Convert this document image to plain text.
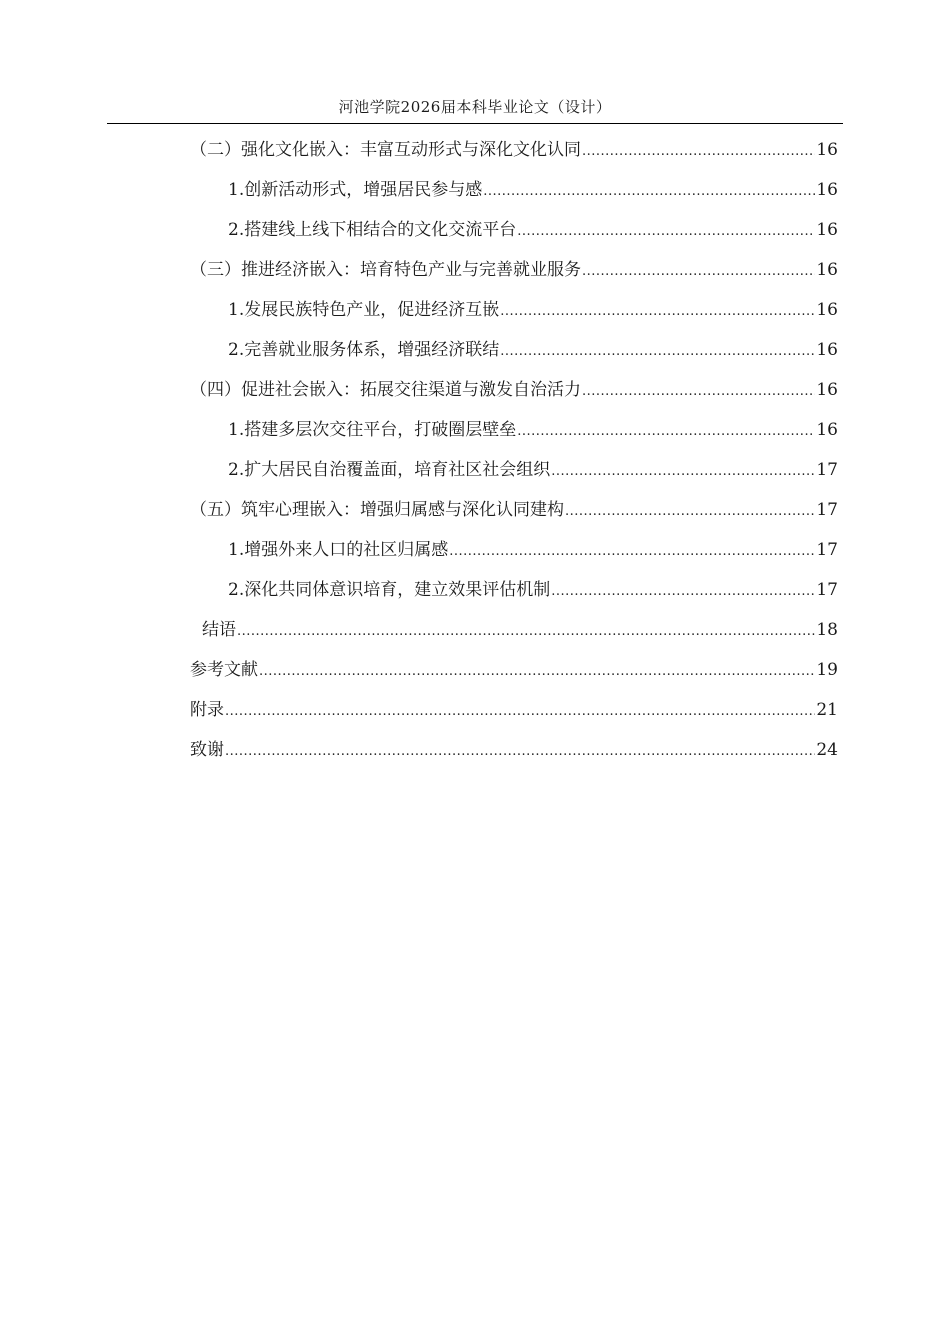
河池学院2026届本科毕业论文（设计）
（二）强化文化嵌入：丰富互动形式与深化文化认同 .....	16
1.创新活动形式，增强居民参与感 .....	16
2.搭建线上线下相结合的文化交流平台 .....	16
（三）推进经济嵌入：培育特色产业与完善就业服务 .....	16
1.发展民族特色产业，促进经济互嵌 .....	16
2.完善就业服务体系，增强经济联结 .....	16
（四）促进社会嵌入：拓展交往渠道与激发自治活力 .....	16
1.搭建多层次交往平台，打破圈层壁垒 .....	16
2.扩大居民自治覆盖面，培育社区社会组织 .....	17
（五）筑牢心理嵌入：增强归属感与深化认同建构 .....	17
1.增强外来人口的社区归属感 .....	17
2.深化共同体意识培育，建立效果评估机制 .....	17
结语 .....	18
参考文献 .....	19
附录 .....	21
致谢 .....	24
